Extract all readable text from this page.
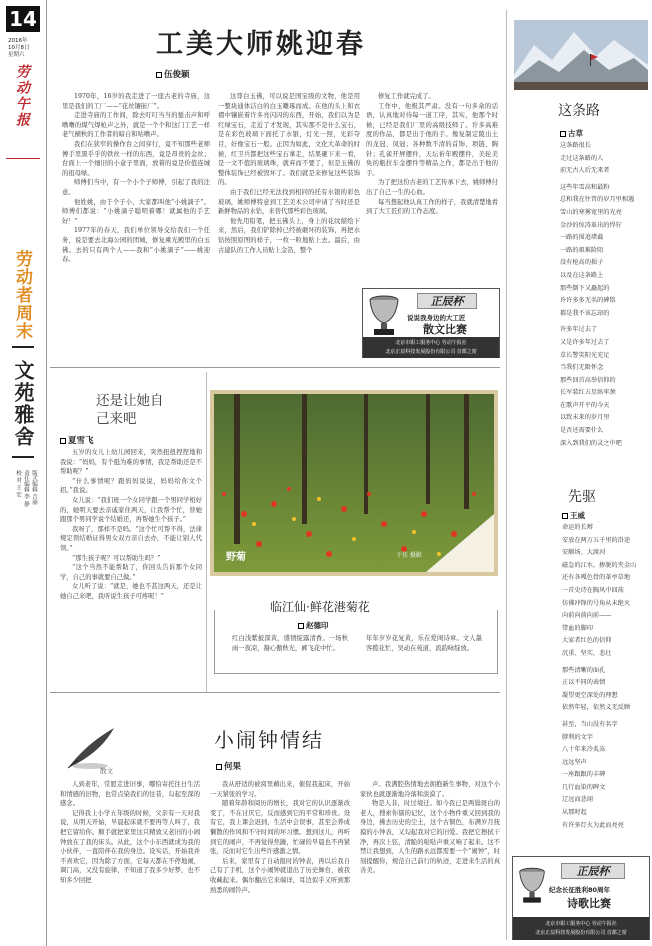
14
2016年
10月8日
星期六
劳动午报
劳动者周末
文苑雅舍
版式编辑 吉丽
责任编辑 李 静
校 对 王 宏
工美大师姚迎春
伍俊颖

1970年，16岁的我走进了一座古老的寺庙，这里是我们的工厂——“花丝镶嵌厂”。

走进寺庙的工作间，除去叮叮当当的錾击声和呼噜噜的煤气焊枪声之外，就是一个个和这门工艺一样老气横秋的工作者的暗自和咕噜声。

我们在狭窄的操作台之间穿行，竟不知那些老师傅手里黑乎乎的铁丝一样的东西，竟是昂贵的金丝；台面上一个细旧的小盒子里面，放着的竟是价值连城的祖母绿。

师傅们当中，有一个小个子师傅，引起了我的注意。

他姓姚，由于个子小，大家都叫他“小姚滴子”。师傅们都说：“小姚滴子聪明着哪！就属他的手艺好！”

1977年的春天，我们单位领导交给我们一个任务，说是要去北海公园的团城，修复乘光殿里的白玉佛。去的只有两个人——我和“小姚滴子”——姚迎春。

这尊白玉佛，可以说是国宝级的文物，他是用一整块通体洁白的白玉雕琢而成。在他的头上和衣褶中镶嵌着许多亮闪闪的东西，开始，我们以为是红绿宝石，走近了才发现，其实那不是什么宝石，是在彩色玻璃下面托了水银，灯光一照，光彩夺目，好像宝石一般。正因为如此，文化大革命的时候，红卫兵都把这些宝石拿走，结果砸下来一看，是一文不值的玻璃珠，就弃而不要了，但是玉佛的整体装饰已经被毁坏了。我们就是来修复这些装饰的。

由于我们已经无法找到相同的托有水银的彩色玻璃，姚师傅特意到工艺美术公司申请了当时还是新鲜物品的水钻，来替代那些彩色玻璃。

他先用铅笔，把玉佛头上，身上的花纹描绘下来，然后，我们铲除掉已经被砸坏的装饰，再把水钻按照原图的样子，一枚一粒地贴上去。最后，由古建队的工作人员贴上金箔，整个

修复工作就完成了。

工作中，他极其严肃。没有一句多余的话语，认真地对待每一道工序，其实，他那个时候，已经是我们厂里的高级技师了。许多高难度的作品，都是出于他的手。像复制定陵出土的龙冠、凤冠；各种数不清的首饰、项链、胸针；孔雀开屏摆件，天坛祈年殿摆件，美轮美奂的瓶拉车金摆件等精品之作，都是出于他的手。

为了把这份古老的工艺传承下去，姚师傅付出了自己一生的心血。

每当想起他认真工作的样子，我就清楚地看到了大工匠们的工作态度。

正辰杯
说说我身边的大工匠
散文比赛
北京市职工服务中心 劳动午报社
北京正辰科技发展股份有限公司 首都之窗
这条路
古草
这条路很长
走过这条路的人
前无古人后无来者
这些年雪高和最粉
总和我在往昔的岁月里相遇
雪山的寒雾宽里的光亮
金沙的惊涛革出的悍狞
一路的围追堵截
一路的艰难险阻
没有枪高的损子
以及在这条路上
那些倒下又矗起的
许许多多无名的碑铭
都是我不该忘却的
许多年过去了
又是许多年过去了
草长警笑阳光充足
当我们无限怀念
那些回首高举信仰的
长军装红五星纵牢颈
在歌声开平的今天
以致未来的岁月里
是否还需要什么
深入到我们的灵之中吧
先驱
王威
命运的长辫
安放在两万五千里的沿途
安顺场、大渡河
磁急的江水、掺脱的夹金山
还有各嘎色骨的革亭草地
一首史诗在胸风中回荡
仿佛冲锋的号角从未绝灭
向前向前向前——
带血的脚印
大家者红色的信仰
沉重、坚实，悲壮
那些清晰的面孔
正以不同的表情
凝望更空深处的理想
依然年轻，依然义无反顾
甚至，当山没有名字
脖利的文字
八十年来冷炙冻
远远坚声
一座跟跟的丰碑
几行血染的碑文
辽远而悲闻
从那时起
有许多灯火为此而亮亮
正辰杯
纪念长征胜利80周年
诗歌比赛
北京市职工服务中心 劳动午报社
北京正辰科技发展股份有限公司 首都之窗
还是让她自己来吧
夏雪飞

五岁的女儿上幼儿园回来，突然扭扭捏捏地和我说：“妈妈，有个挺为难的事情，我是帮助还是不帮助呢？”

“什么事情呢？跟妈妈说说，妈妈给你文个招。”我说。

女儿说：“我们班一个女同学跟一个男同学相好的，她明天要去亲戚家住两天，让我帮个忙，替她跟那个男同学说个结婚还，再帮她生个孩子。”

我呀了，那样不是吗。“这个忙可帮不得，法律规定领结婚证得男女双方亲自去办，不能让别人代领。”

“那生孩子呢？可以帮助生吗？”

“这个当然不能帮助了，你回头告诉那个女同学，自己的事就要自己做。”

女儿听了说：“就是，她也不甚这两天，还是让她自己来吧，我听说生孩子可疼呢！”

野菊	于佳 摄影
临江仙·鲜花港菊花
赵德印
红白浅紫披深黄，盛情绽露清香。一场秋雨一夜凉，凝心傲秋光，裤飞花中忙。
年年岁岁花复黄，乐在爱闺诗章。文人墨客揽花忙，吴动在苑道，流韵咏绽放。
小闹钟情结
何果
散文

人到老年，常愿走进旧事，哪怕寄托往日生活和情感的旧物，也常点染我们的往昔，勾起至深的感念。

记得我上小学五年级的时候，父亲有一天对我说，从明天开始，早晨起床就不要再等人叫了，我把它留给你。顺手就把家里这只精致又老旧的小闹钟放在了我的床头。从此，这个小东西就成为我的小伙伴，一直陪伴在我的身边。设实话，开始我并不喜欢它，因为除了方面，它每天都在不停地闹，调门高，又没有旋律，不知道了我多少好梦，也不知多少回把

我从舒适的被窝里薅出来，催促我起床，开始一天紧张的学习。

随着年龄和阅历的增长，我对它的认识逐渐改变了，不在讨厌它，反而感到它的平常和珍贵。设有它，我上课会迟到，生活中会误事，甚至会养成懒散的作风和不守时间的坏习惯。想到这儿，再听到它的闹声，不再觉得焦躁，忙碌的早晨也不再紧张，反而对它生出些许感激之情。

后来，家里有了自动报时的钟表，再以后我自己有了手机，这个小闹钟就退出了历史舞台，被我收藏起来。偶尔翻出它来端详，耳边似乎又听到那熟悉的闹铃声。

声。我满腔热情地去拥抱新生事物，对这个小家伙也就逐渐地冷落和淡漠了。

物是人非，时过境迁。如今我已是两鬓斑白的老人，搜索你儒的记忆，这个小物件重又回到我的身边，拂去历史的尘土，这个古铜色，布满岁月抚摸的小钟表，又勾起我对它的旧爱。我把它擦拭干净，再次上弦，清脆的哒哒声重又响了起来。这不禁让我想到，人生的路永远都需要一个“闹钟”，时刻提醒你，规范自己前行的轨迹，走进来生活的真善美。
